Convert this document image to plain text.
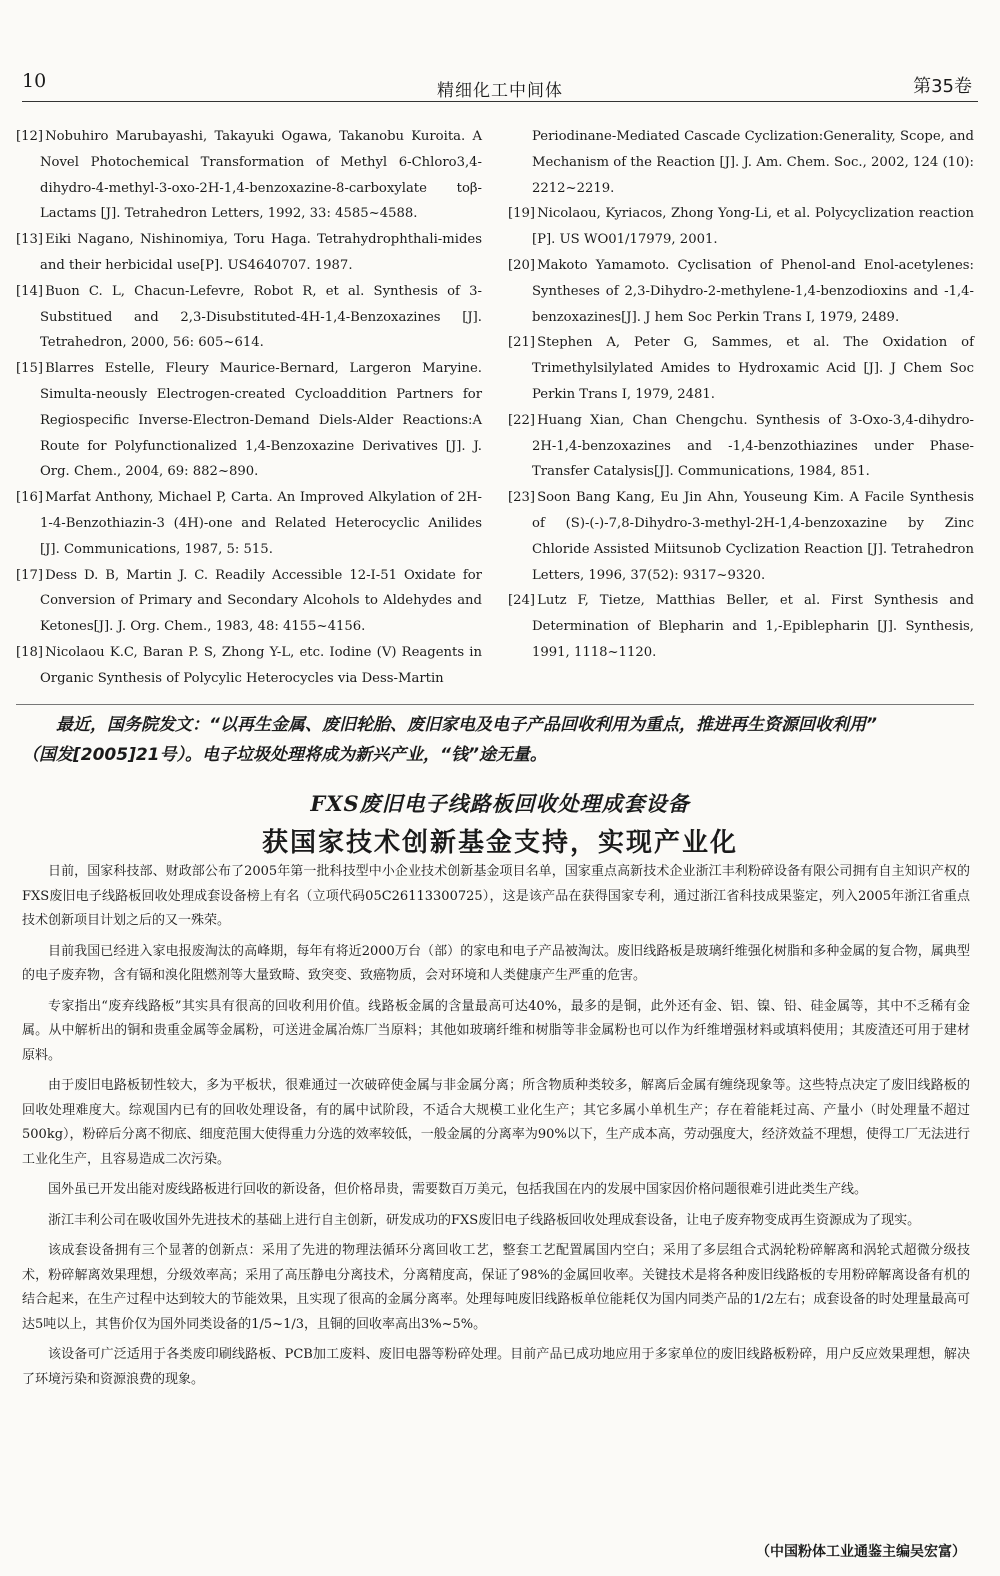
10	精细化工中间体	第35卷
[12] Nobuhiro Marubayashi, Takayuki Ogawa, Takanobu Kuroita. A Novel Photochemical Transformation of Methyl 6-Chloro3,4-dihydro-4-methyl-3-oxo-2H-1,4-benzoxazine-8-carboxylate toβ-Lactams [J]. Tetrahedron Letters, 1992, 33: 4585~4588.
[13] Eiki Nagano, Nishinomiya, Toru Haga. Tetrahydrophthali-mides and their herbicidal use[P]. US4640707. 1987.
[14] Buon C. L, Chacun-Lefevre, Robot R, et al. Synthesis of 3-Substitued and 2,3-Disubstituted-4H-1,4-Benzoxazines [J]. Tetrahedron, 2000, 56: 605~614.
[15] Blarres Estelle, Fleury Maurice-Bernard, Largeron Maryine. Simulta-neously Electrogen-created Cycloaddition Partners for Regiospecific Inverse-Electron-Demand Diels-Alder Reactions:A Route for Polyfunctionalized 1,4-Benzoxazine Derivatives [J]. J. Org. Chem., 2004, 69: 882~890.
[16] Marfat Anthony, Michael P, Carta. An Improved Alkylation of 2H-1-4-Benzothiazin-3 (4H)-one and Related Heterocyclic Anilides [J]. Communications, 1987, 5: 515.
[17] Dess D. B, Martin J. C. Readily Accessible 12-I-51 Oxidate for Conversion of Primary and Secondary Alcohols to Aldehydes and Ketones[J]. J. Org. Chem., 1983, 48: 4155~4156.
[18] Nicolaou K.C, Baran P. S, Zhong Y-L, etc. Iodine (V) Reagents in Organic Synthesis of Polycylic Heterocycles via Dess-Martin
Periodinane-Mediated Cascade Cyclization:Generality, Scope, and Mechanism of the Reaction [J]. J. Am. Chem. Soc., 2002, 124 (10): 2212~2219.
[19] Nicolaou, Kyriacos, Zhong Yong-Li, et al. Polycyclization reaction [P]. US WO01/17979, 2001.
[20] Makoto Yamamoto. Cyclisation of Phenol-and Enol-acetylenes: Syntheses of 2,3-Dihydro-2-methylene-1,4-benzodioxins and -1,4-benzoxazines[J]. J hem Soc Perkin Trans I, 1979, 2489.
[21] Stephen A, Peter G, Sammes, et al. The Oxidation of Trimethylsilylated Amides to Hydroxamic Acid [J]. J Chem Soc Perkin Trans I, 1979, 2481.
[22] Huang Xian, Chan Chengchu. Synthesis of 3-Oxo-3,4-dihydro-2H-1,4-benzoxazines and -1,4-benzothiazines under Phase-Transfer Catalysis[J]. Communications, 1984, 851.
[23] Soon Bang Kang, Eu Jin Ahn, Youseung Kim. A Facile Synthesis of (S)-(-)-7,8-Dihydro-3-methyl-2H-1,4-benzoxazine by Zinc Chloride Assisted Miitsunob Cyclization Reaction [J]. Tetrahedron Letters, 1996, 37(52): 9317~9320.
[24] Lutz F, Tietze, Matthias Beller, et al. First Synthesis and Determination of Blepharin and 1,-Epiblepharin [J]. Synthesis, 1991, 1118~1120.

最近，国务院发文：“以再生金属、废旧轮胎、废旧家电及电子产品回收利用为重点，推进再生资源回收利用”

（国发[2005]21号）。电子垃圾处理将成为新兴产业，“钱”途无量。

FXS废旧电子线路板回收处理成套设备
获国家技术创新基金支持，实现产业化

日前，国家科技部、财政部公布了2005年第一批科技型中小企业技术创新基金项目名单，国家重点高新技术企业浙江丰利粉碎设备有限公司拥有自主知识产权的FXS废旧电子线路板回收处理成套设备榜上有名（立项代码05C26113300725），这是该产品在获得国家专利，通过浙江省科技成果鉴定，列入2005年浙江省重点技术创新项目计划之后的又一殊荣。

目前我国已经进入家电报废淘汰的高峰期，每年有将近2000万台（部）的家电和电子产品被淘汰。废旧线路板是玻璃纤维强化树脂和多种金属的复合物，属典型的电子废弃物，含有镉和溴化阻燃剂等大量致畸、致突变、致癌物质，会对环境和人类健康产生严重的危害。

专家指出“废弃线路板”其实具有很高的回收利用价值。线路板金属的含量最高可达40%，最多的是铜，此外还有金、铝、镍、铅、硅金属等，其中不乏稀有金属。从中解析出的铜和贵重金属等金属粉，可送进金属冶炼厂当原料；其他如玻璃纤维和树脂等非金属粉也可以作为纤维增强材料或填料使用；其废渣还可用于建材原料。

由于废旧电路板韧性较大，多为平板状，很难通过一次破碎使金属与非金属分离；所含物质种类较多，解离后金属有缠绕现象等。这些特点决定了废旧线路板的回收处理难度大。综观国内已有的回收处理设备，有的属中试阶段，不适合大规模工业化生产；其它多属小单机生产；存在着能耗过高、产量小（时处理量不超过500kg），粉碎后分离不彻底、细度范围大使得重力分选的效率较低，一般金属的分离率为90%以下，生产成本高，劳动强度大，经济效益不理想，使得工厂无法进行工业化生产，且容易造成二次污染。

国外虽已开发出能对废线路板进行回收的新设备，但价格昂贵，需要数百万美元，包括我国在内的发展中国家因价格问题很难引进此类生产线。

浙江丰利公司在吸收国外先进技术的基础上进行自主创新，研发成功的FXS废旧电子线路板回收处理成套设备，让电子废弃物变成再生资源成为了现实。

该成套设备拥有三个显著的创新点：采用了先进的物理法循环分离回收工艺，整套工艺配置属国内空白；采用了多层组合式涡轮粉碎解离和涡轮式超微分级技术，粉碎解离效果理想，分级效率高；采用了高压静电分离技术，分离精度高，保证了98%的金属回收率。关键技术是将各种废旧线路板的专用粉碎解离设备有机的结合起来，在生产过程中达到较大的节能效果，且实现了很高的金属分离率。处理每吨废旧线路板单位能耗仅为国内同类产品的1/2左右；成套设备的时处理量最高可达5吨以上，其售价仅为国外同类设备的1/5~1/3，且铜的回收率高出3%~5%。

该设备可广泛适用于各类废印刷线路板、PCB加工废料、废旧电器等粉碎处理。目前产品已成功地应用于多家单位的废旧线路板粉碎，用户反应效果理想，解决了环境污染和资源浪费的现象。

（中国粉体工业通鉴主编吴宏富）
